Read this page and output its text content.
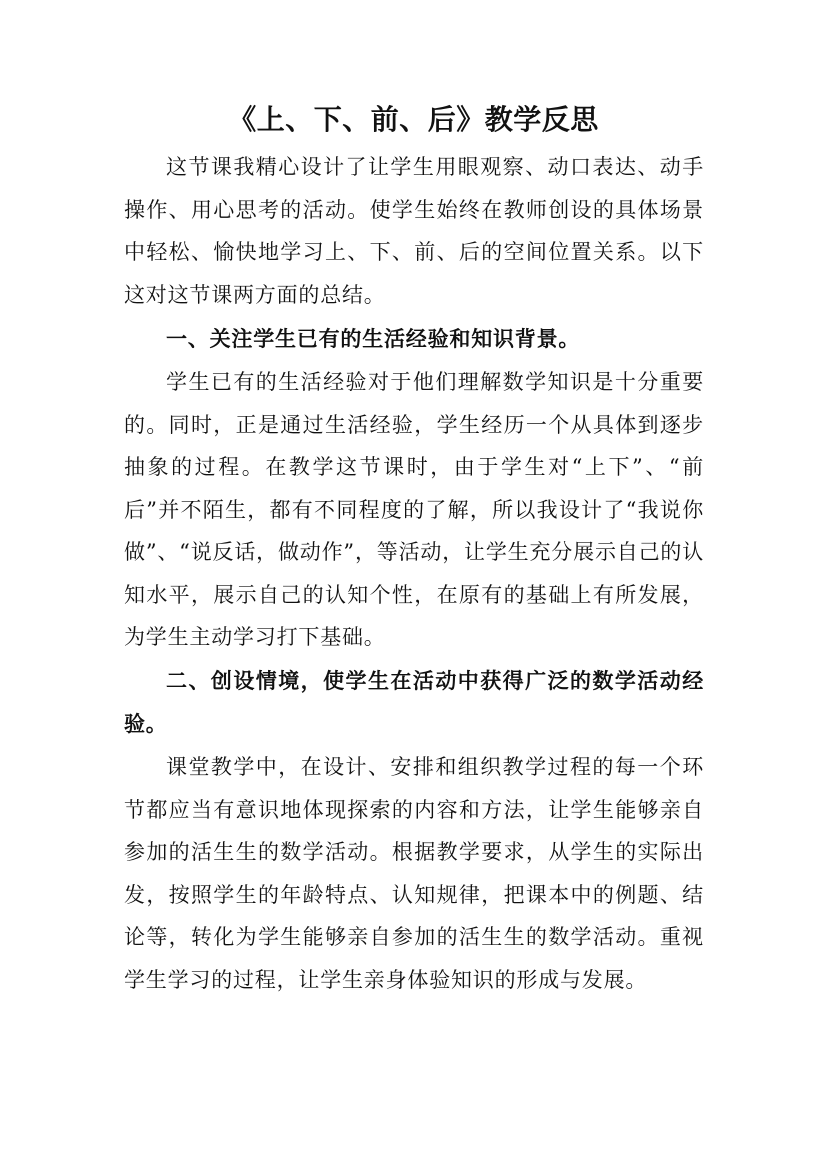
《上、下、前、后》教学反思
这节课我精心设计了让学生用眼观察、动口表达、动手操作、用心思考的活动。使学生始终在教师创设的具体场景中轻松、愉快地学习上、下、前、后的空间位置关系。以下这对这节课两方面的总结。
一、关注学生已有的生活经验和知识背景。
学生已有的生活经验对于他们理解数学知识是十分重要的。同时，正是通过生活经验，学生经历一个从具体到逐步抽象的过程。在教学这节课时，由于学生对“上下”、“前后”并不陌生，都有不同程度的了解，所以我设计了“我说你做”、“说反话，做动作”，等活动，让学生充分展示自己的认知水平，展示自己的认知个性，在原有的基础上有所发展，为学生主动学习打下基础。
二、创设情境，使学生在活动中获得广泛的数学活动经验。
课堂教学中，在设计、安排和组织教学过程的每一个环节都应当有意识地体现探索的内容和方法，让学生能够亲自参加的活生生的数学活动。根据教学要求，从学生的实际出发，按照学生的年龄特点、认知规律，把课本中的例题、结论等，转化为学生能够亲自参加的活生生的数学活动。重视学生学习的过程，让学生亲身体验知识的形成与发展。
